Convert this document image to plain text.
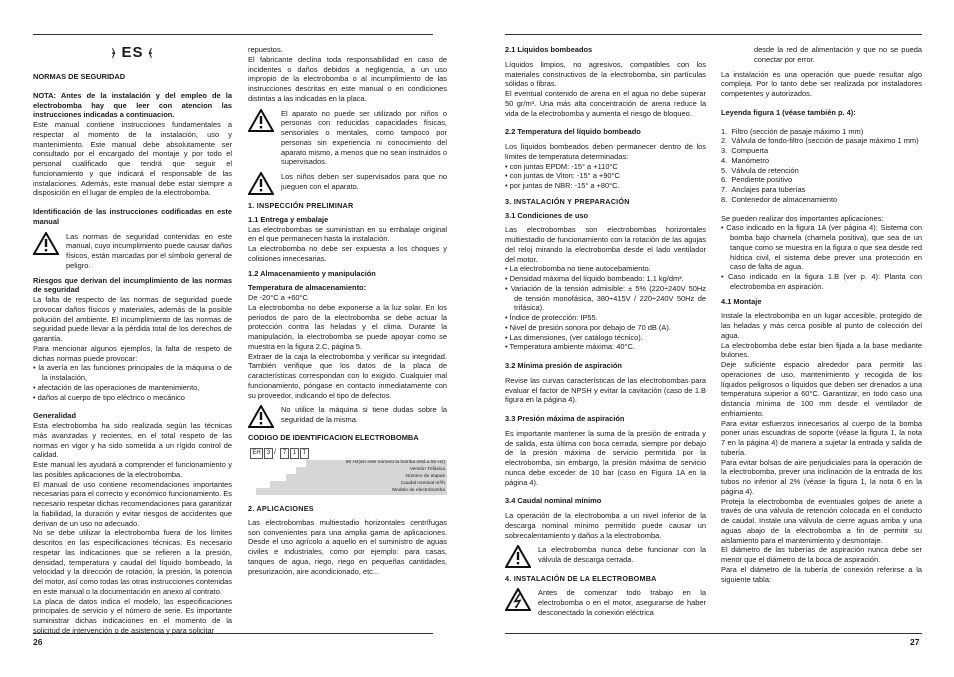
⦒ ES ⦑

NORMAS DE SEGURIDAD

NOTA: Antes de la instalación y del empleo de la electrobomba hay que leer con atencion las instrucciones indicadas a continuacion.

Este manual contiene instrucciones fundamentales a respectar al momento de la instalación, uso y mantenimiento. Este manual debe absolutamente ser consultado por el encargado del montaje y por todo el personal cualificado que tendrá que seguir el funcionamiento y que indicará el responsable de las instalaciones. Además, este manual debe estar siempre a disposición en el lugar de empleo de la electrobomba.

Identificación de las instrucciones codificadas en este manual

Las normas de seguridad contenidas en este manual, cuyo incumplimiento puede causar daños físicos, están marcadas por el símbolo general de peligro.

Riesgos que derivan del incumplimiento de las normas de seguridad

La falta de respecto de las normas de seguridad puede provocar daños físicos y materiales, además de la posible polución del ambiente. El incumplimiento de las normas de seguridad puede llevar a la pérdida total de los derechos de garantía.

Para mencionar algunos ejemplos, la falta de respeto de dichas normas puede provocar:

• la avería en las funciones principales de la máquina o de la instalación,

• afectación de las operaciones de mantenimiento,

• daños al cuerpo de tipo eléctrico o mecánico

Generalidad

Esta electrobomba ha sido realizada según las técnicas más avanzadas y recientes, en el total respeto de las normas en vigor y ha sido sometida a un rígido control de calidad.

Este manual les ayudará a comprender el funcionamiento y las posibles aplicaciones de la electrobomba.

El manual de uso contiene recomendaciones importantes necesarias para el correcto y económico funcionamiento. Es necesario respetar dichas recomendaciones para garantizar la fiabilidad, la duración y evitar riesgos de accidentes que derivan de un uso no adecuado.

No se debe utilizar la electrobomba fuera de los límites descritos en las especificaciones técnicas. Es necesario respetar las indicaciones que se refieren a la presión, densidad, temperatura y caudal del líquido bombeado, la velocidad y la dirección de rotación, la presión, la potencia del motor, así como todas las otras instrucciones contenidas en este manual o la documentación en anexo al contrato.

La placa de datos indica el modelo, las especificaciones principales de servicio y el número de serie. Es importante suministrar dichas indicaciones en el momento de la solicitud de intervención o de asistencia y para solicitar

repuestos.

El fabricante declina toda responsabilidad en caso de incidentes o daños debidos a negligencia, a un uso impropio de la electrobomba o al incumplimiento de las instrucciones descritas en este manual o en condiciones distintas a las indicadas en la placa.

El aparato no puede ser utilizado por niños o personas con reducidas capacidades físicas, sensoriales o mentales, como tampoco por personas sin experiencia ni conocimiento del aparato mismo, a menos que no sean instruidos o supervisados.

Los niños deben ser supervisados para que no jueguen con el aparato.

1. INSPECCIÓN PRELIMINAR

1.1 Entrega y embalaje

Las electrobombas se suministran en su embalaje original en el que permanecen hasta la instalación.

La electrobomba no debe ser expuesta a los choques y colisiones innecesarias.

1.2 Almacenamiento y manipulación

Temperatura de almacenamiento:

De -20°C a +60°C

La electrobomba no debe exponerse a la luz solar. En los periodos de paro de la electrobomba se debe actuar la protección contra las heladas y el clima. Durante la manipulación, la electrobomba se puede apoyar como se muestra en la figura 2.C, página 5.

Extraer de la caja la electrobomba y verificar su integridad. También verifique que los datos de la placa de características correspondan con lo exigido. Cualquier mal funcionamiento, póngase en contacto inmediatamente con su proveedor, indicando el tipo de defectos.

No utilice la máquina si tiene dudas sobre la seguridad de la misma.

CODIGO DE IDENTIFICACION ELECTROBOMBA

EH	3 /	7	1	T
60 Hz(sin este número la bomba está a 50 Hz)
Versión Trifásica
Número de etapas
Caudal nominal m³/h
Modelo de electrobomba

2. APLICACIONES

Las electrobombas multiestadio horizontales centrífugas son convenientes para una amplia gama de aplicaciones. Desde el uso agrícolo a aquello en el suministro de aguas civiles e industriales, como por ejemplo: para casas, tanques de agua, riego, riego en pequeñas cantidades, presurización, aire acondicionado, etc...

2.1 Líquidos bombeados

Líquidos limpios, no agresivos, compatibles con los materiales constructivos de la electrobomba, sin partículas sólidas o fibras.

El eventual contenido de arena en el agua no debe superar 50 gr/m³. Una más alta concentración de arena reduce la vida de la electrobomba y aumenta el riesgo de bloqueo.

2.2 Temperatura del líquido bombeado

Los líquidos bombeados deben permanecer dentro de los límites de temperatura determinadas:

• con juntas EPDM: -15° a +110°C

• con juntas de Viton: -15° a +90°C

• por juntas de NBR: -15° a +80°C.

3. INSTALACIÓN Y PREPARACIÓN

3.1 Condiciones de uso

Las electrobombas son electrobombas horizontales multiestadio de funcionamiento con la rotación de las agujas del reloj mirando la electrobomba desde el lado ventilador del motor.

• La electrobomba no tiene autocebamiento.

• Densidad máxima del líquido bombeado: 1.1 kg/dm³.

• Variación de la tensión admisible: ± 5% (220÷240V 50Hz de tensión monofásica, 380÷415V / 220÷240V 50Hz de trifásica).

• Índice de protección: IP55.

• Nivel de presión sonora por debajo de 70 dB (A).

• Las dimensiones, (ver catálogo técnico).

• Temperatura ambiente máxima: 40°C.

3.2 Mínima presión de aspiración

Revise las curvas características de las electrobombas para evaluar el factor de NPSH y evitar la cavitación (caso de 1.B figura en la página 4).

3.3 Presión máxima de aspiración

Es importante mantener la suma de la presión de entrada y de salida, esta última con boca cerrada, siempre por debajo de la presión máxima de servicio permitida por la electrobomba, sin embargo, la presión máxima de servicio nunca debe exceder de 10 bar (caso en Figura 1A en la página 4).

3.4 Caudal nominal mínimo

La operación de la electrobomba a un nivel inferior de la descarga nominal mínimo permitido puede causar un sobrecalentamiento y daños a la electrobomba.

La electrobomba nunca debe funcionar con la válvula de descarga cerrada.

4. INSTALACIÓN DE LA ELECTROBOMBA

Antes de comenzar todo trabajo en la electrobomba o en el motor, asegurarse de haber desconectado la conexión eléctrica

desde la red de alimentación y que no se pueda conectar por error.

La instalación es una operación que puede resultar algo compleja. Por lo tanto debe ser realizada por instaladores competentes y autorizados.

Leyenda figura 1 (véase también p. 4):

1.  Filtro (sección de pasaje máximo 1 mm)

2.  Válvula de fondo-filtro (sección de pasaje máximo 1 mm)

3.  Compuerta

4.  Manómetro

5.  Válvula de retención

6.  Pendiente positivo

7.  Anclajes para tuberías

8.  Contenedor de almacenamiento

Se pueden realizar dos importantes aplicaciones:

• Caso indicado en la figura 1A (ver página 4): Sistema con bomba bajo charnela (charnela positiva), que sea de un tanque como se muestra en la figura o que sea desde red hídrica civil, el sistema debe prever una protección en caso de falta de agua.

• Caso indicado en la figura 1.B (ver p. 4): Planta con electrobomba en aspiración.

4.1 Montaje

Instale la electrobomba en un lugar accesible, protegido de las heladas y más cerca posible al punto de colección del agua.

La electrobomba debe estar bien fijada a la base mediante bulones.

Deje suficiente espacio alrededor para permitir las operaciones de uso, mantenimiento y recogida de los líquidos peligrosos o líquidos que deben ser drenados a una temperatura superior a 60°C. Garantizar, en todo caso una distancia mínima de 100 mm desde el ventilador de enfriamiento.

Para evitar esfuerzos innecesarios al cuerpo de la bomba poner unas escuadras de soporte (véase la figura 1, la nota 7 en la página 4) de manera a sujetar la entrada y salida de tubería.

Para evitar bolsas de aire perjudiciales para la operación de la electrobomba, prever una inclinación de la entrada de los tubos no inferior al 2% (véase la figura 1, la nota 6 en la página 4).

Proteja la electrobomba de eventuales golpes de ariete a través de una válvula de retención colocada en el conducto de caudal. Instale una válvula de cierre aguas arriba y una aguas abajo de la electrobomba a fin de permitir su aislamiento para el mantenimiento y desmontaje.

El diámetro de las tuberías de aspiración nunca debe ser menor que el diámetro de la boca de aspiración.

Para el diámetro de la tubería de conexión referirse a la siguiente tabla:

26	27
